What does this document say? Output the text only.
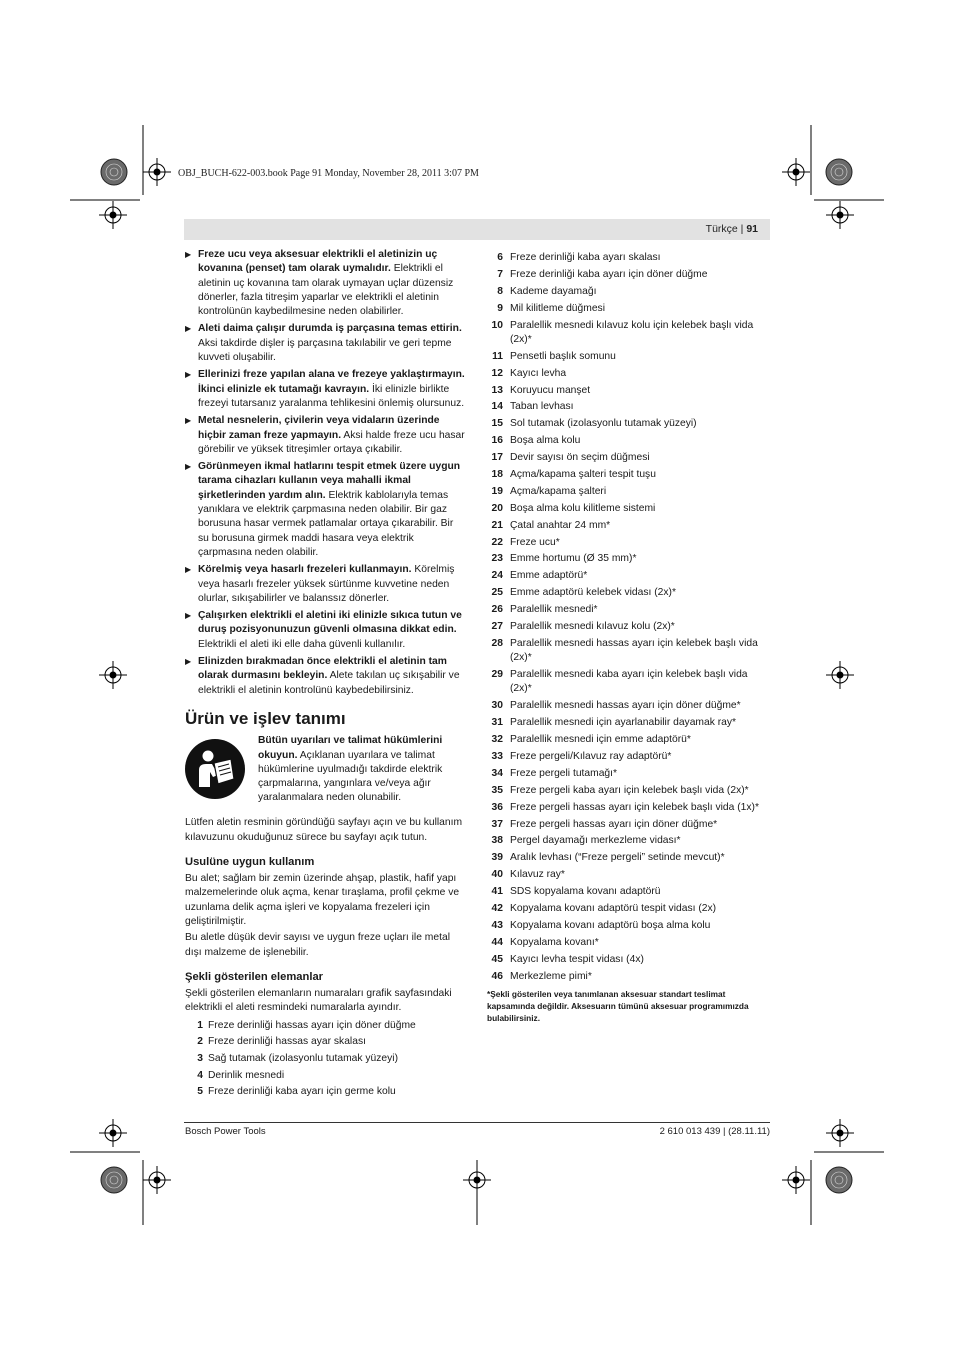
OBJ_BUCH-622-003.book Page 91 Monday, November 28, 2011 3:07 PM
Türkçe | 91
▶ Freze ucu veya aksesuar elektrikli el aletinizin uç kovanına (penset) tam olarak uymalıdır. Elektrikli el aletinin uç kovanına tam olarak uymayan uçlar düzensiz dönerler, fazla titreşim yaparlar ve elektrikli el aletinin kontrolünün kaybedilmesine neden olabilirler.
▶ Aleti daima çalışır durumda iş parçasına temas ettirin. Aksi takdirde dişler iş parçasına takılabilir ve geri tepme kuvveti oluşabilir.
▶ Ellerinizi freze yapılan alana ve frezeye yaklaştırmayın. İkinci elinizle ek tutamağı kavrayın. İki elinizle birlikte frezeyi tutarsanız yaralanma tehlikesini önlemiş olursunuz.
▶ Metal nesnelerin, çivilerin veya vidaların üzerinde hiçbir zaman freze yapmayın. Aksi halde freze ucu hasar görebilir ve yüksek titreşimler ortaya çıkabilir.
▶ Görünmeyen ikmal hatlarını tespit etmek üzere uygun tarama cihazları kullanın veya mahalli ikmal şirketlerinden yardım alın. Elektrik kablolarıyla temas yanıklara ve elektrik çarpmasına neden olabilir. Bir gaz borusuna hasar vermek patlamalar ortaya çıkarabilir. Bir su borusuna girmek maddi hasara veya elektrik çarpmasına neden olabilir.
▶ Körelmiş veya hasarlı frezeleri kullanmayın. Körelmiş veya hasarlı frezeler yüksek sürtünme kuvvetine neden olurlar, sıkışabilirler ve balanssız dönerler.
▶ Çalışırken elektrikli el aletini iki elinizle sıkıca tutun ve duruş pozisyonunuzun güvenli olmasına dikkat edin. Elektrikli el aleti iki elle daha güvenli kullanılır.
▶ Elinizden bırakmadan önce elektrikli el aletinin tam olarak durmasını bekleyin. Alete takılan uç sıkışabilir ve elektrikli el aletinin kontrolünü kaybedebilirsiniz.
Ürün ve işlev tanımı
Bütün uyarıları ve talimat hükümlerini okuyun. Açıklanan uyarılara ve talimat hükümlerine uyulmadığı takdirde elektrik çarpmalarına, yangınlara ve/veya ağır yaralanmalara neden olunabilir.
Lütfen aletin resminin göründüğü sayfayı açın ve bu kullanım kılavuzunu okuduğunuz sürece bu sayfayı açık tutun.
Usulüne uygun kullanım
Bu alet; sağlam bir zemin üzerinde ahşap, plastik, hafif yapı malzemelerinde oluk açma, kenar tıraşlama, profil çekme ve uzunlama delik açma işleri ve kopyalama frezeleri için geliştirilmiştir.
Bu aletle düşük devir sayısı ve uygun freze uçları ile metal dışı malzeme de işlenebilir.
Şekli gösterilen elemanlar
Şekli gösterilen elemanların numaraları grafik sayfasındaki elektrikli el aleti resmindeki numaralarla ayındır.
1 Freze derinliği hassas ayarı için döner düğme
2 Freze derinliği hassas ayar skalası
3 Sağ tutamak (izolasyonlu tutamak yüzeyi)
4 Derinlik mesnedi
5 Freze derinliği kaba ayarı için germe kolu
6 Freze derinliği kaba ayarı skalası
7 Freze derinliği kaba ayarı için döner düğme
8 Kademe dayamağı
9 Mil kilitleme düğmesi
10 Paralellik mesnedi kılavuz kolu için kelebek başlı vida (2x)*
11 Pensetli başlık somunu
12 Kayıcı levha
13 Koruyucu manşet
14 Taban levhası
15 Sol tutamak (izolasyonlu tutamak yüzeyi)
16 Boşa alma kolu
17 Devir sayısı ön seçim düğmesi
18 Açma/kapama şalteri tespit tuşu
19 Açma/kapama şalteri
20 Boşa alma kolu kilitleme sistemi
21 Çatal anahtar 24 mm*
22 Freze ucu*
23 Emme hortumu (Ø 35 mm)*
24 Emme adaptörü*
25 Emme adaptörü kelebek vidası (2x)*
26 Paralellik mesnedi*
27 Paralellik mesnedi kılavuz kolu (2x)*
28 Paralellik mesnedi hassas ayarı için kelebek başlı vida (2x)*
29 Paralellik mesnedi kaba ayarı için kelebek başlı vida (2x)*
30 Paralellik mesnedi hassas ayarı için döner düğme*
31 Paralellik mesnedi için ayarlanabilir dayamak ray*
32 Paralellik mesnedi için emme adaptörü*
33 Freze pergeli/Kılavuz ray adaptörü*
34 Freze pergeli tutamağı*
35 Freze pergeli kaba ayarı için kelebek başlı vida (2x)*
36 Freze pergeli hassas ayarı için kelebek başlı vida (1x)*
37 Freze pergeli hassas ayarı için döner düğme*
38 Pergel dayamağı merkezleme vidası*
39 Aralık levhası (“Freze pergeli” setinde mevcut)*
40 Kılavuz ray*
41 SDS kopyalama kovanı adaptörü
42 Kopyalama kovanı adaptörü tespit vidası (2x)
43 Kopyalama kovanı adaptörü boşa alma kolu
44 Kopyalama kovanı*
45 Kayıcı levha tespit vidası (4x)
46 Merkezleme pimi*
*Şekli gösterilen veya tanımlanan aksesuar standart teslimat kapsamında değildir. Aksesuarın tümünü aksesuar programımızda bulabilirsiniz.
Bosch Power Tools	2 610 013 439 | (28.11.11)
